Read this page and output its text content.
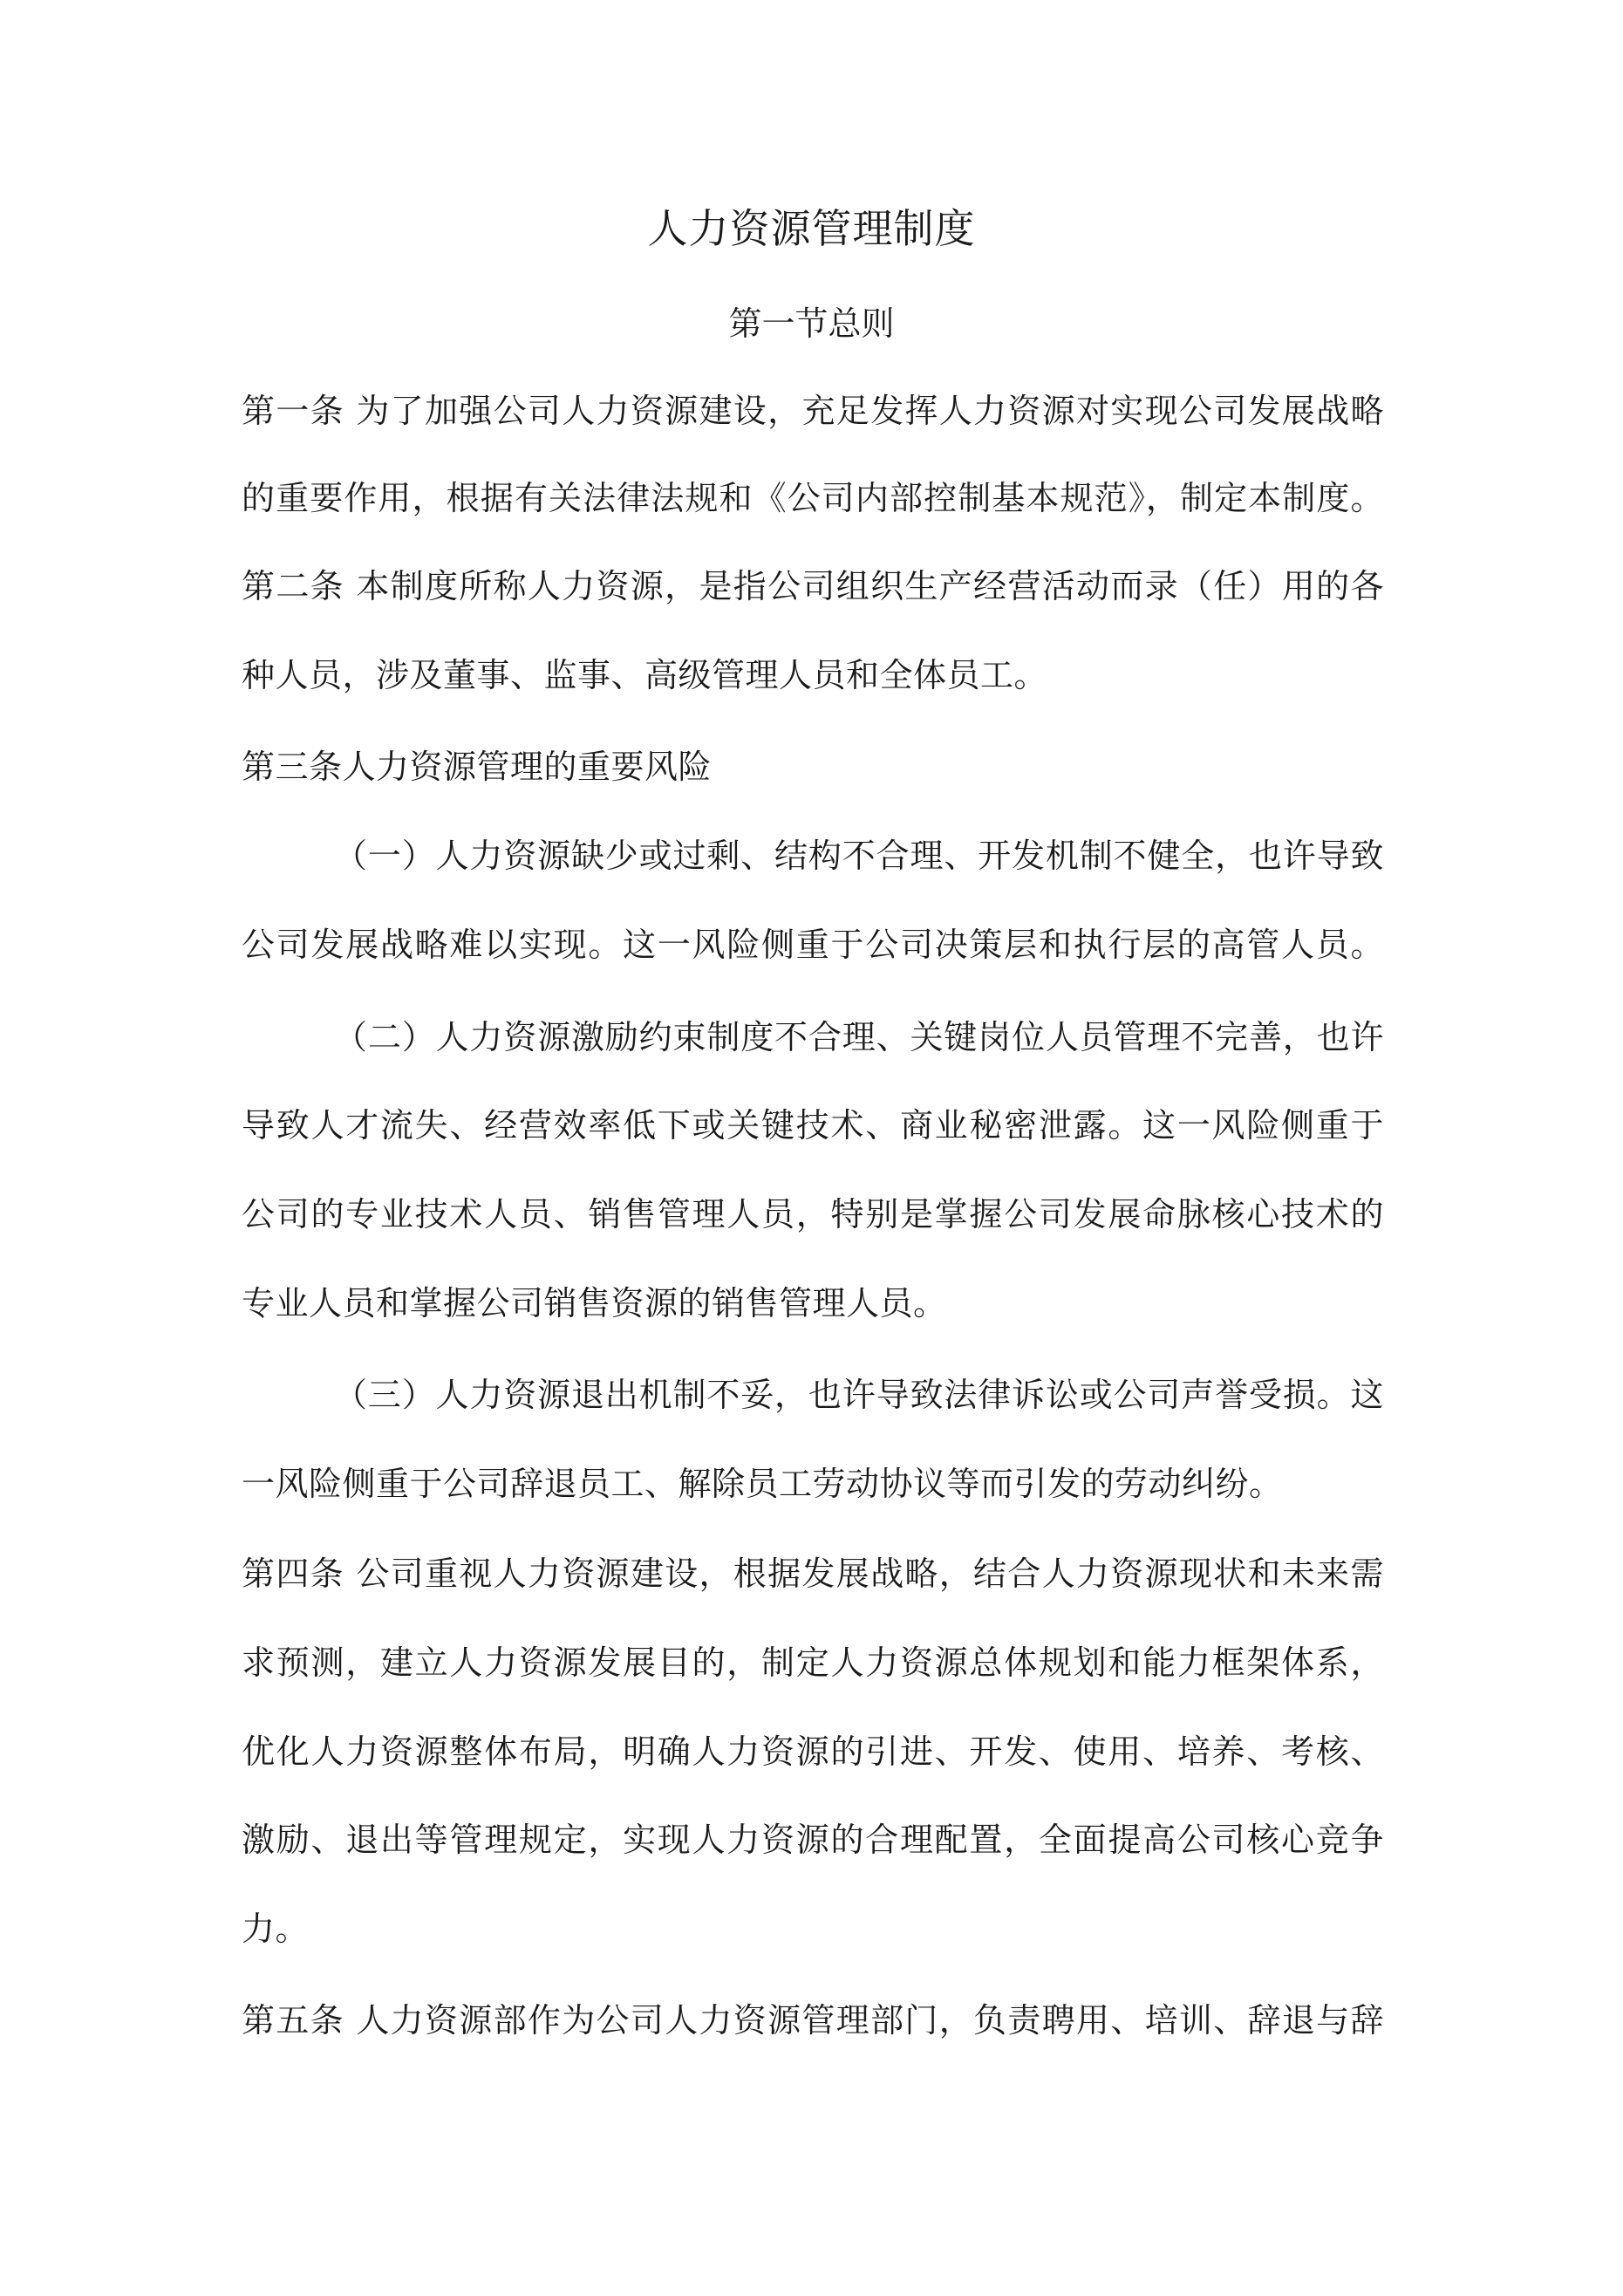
人力资源管理制度
第一节总则
第一条 为了加强公司人力资源建设，充足发挥人力资源对实现公司发展战略
的重要作用，根据有关法律法规和《公司内部控制基本规范》，制定本制度。
第二条 本制度所称人力资源，是指公司组织生产经营活动而录（任）用的各
种人员，涉及董事、监事、高级管理人员和全体员工。
第三条人力资源管理的重要风险
（一）人力资源缺少或过剩、结构不合理、开发机制不健全，也许导致
公司发展战略难以实现。这一风险侧重于公司决策层和执行层的高管人员。
（二）人力资源激励约束制度不合理、关键岗位人员管理不完善，也许
导致人才流失、经营效率低下或关键技术、商业秘密泄露。这一风险侧重于
公司的专业技术人员、销售管理人员，特别是掌握公司发展命脉核心技术的
专业人员和掌握公司销售资源的销售管理人员。
（三）人力资源退出机制不妥，也许导致法律诉讼或公司声誉受损。这
一风险侧重于公司辞退员工、解除员工劳动协议等而引发的劳动纠纷。
第四条 公司重视人力资源建设，根据发展战略，结合人力资源现状和未来需
求预测，建立人力资源发展目的，制定人力资源总体规划和能力框架体系，
优化人力资源整体布局，明确人力资源的引进、开发、使用、培养、考核、
激励、退出等管理规定，实现人力资源的合理配置，全面提高公司核心竞争
力。
第五条 人力资源部作为公司人力资源管理部门，负责聘用、培训、辞退与辞
